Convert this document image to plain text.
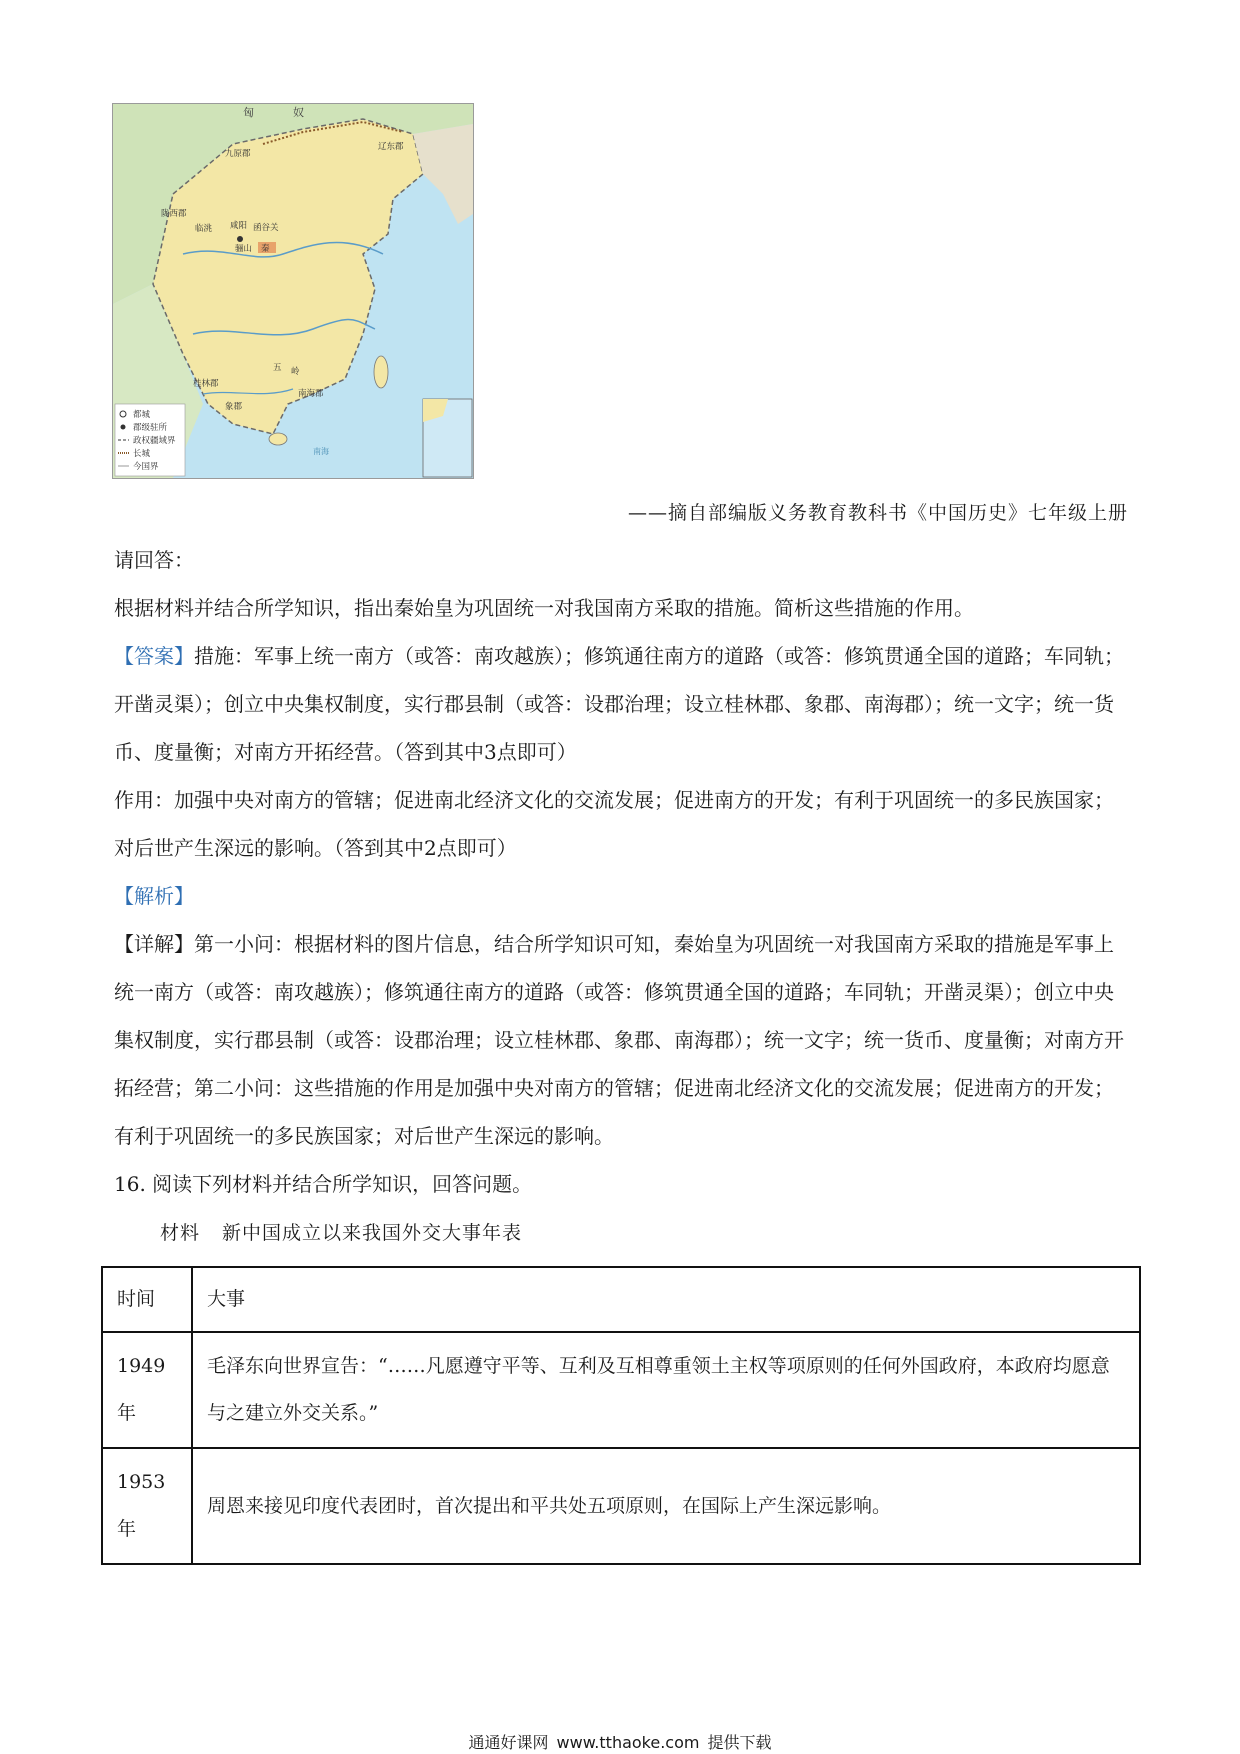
匈	奴
九原郡
辽东郡
陇西郡
临洮 咸阳 函谷关
骊山 秦
五 岭
桂林郡
南海郡
象郡
南海
都城
郡级驻所
政权疆域界
长城
今国界
——摘自部编版义务教育教科书《中国历史》七年级上册

请回答：

根据材料并结合所学知识，指出秦始皇为巩固统一对我国南方采取的措施。简析这些措施的作用。

【答案】措施：军事上统一南方（或答：南攻越族）；修筑通往南方的道路（或答：修筑贯通全国的道路；车同轨；开凿灵渠）；创立中央集权制度，实行郡县制（或答：设郡治理；设立桂林郡、象郡、南海郡）；统一文字；统一货币、度量衡；对南方开拓经营。（答到其中3点即可）

作用：加强中央对南方的管辖；促进南北经济文化的交流发展；促进南方的开发；有利于巩固统一的多民族国家；对后世产生深远的影响。（答到其中2点即可）

【解析】

【详解】第一小问：根据材料的图片信息，结合所学知识可知，秦始皇为巩固统一对我国南方采取的措施是军事上统一南方（或答：南攻越族）；修筑通往南方的道路（或答：修筑贯通全国的道路；车同轨；开凿灵渠）；创立中央集权制度，实行郡县制（或答：设郡治理；设立桂林郡、象郡、南海郡）；统一文字；统一货币、度量衡；对南方开拓经营；第二小问：这些措施的作用是加强中央对南方的管辖；促进南北经济文化的交流发展；促进南方的开发；有利于巩固统一的多民族国家；对后世产生深远的影响。

16. 阅读下列材料并结合所学知识，回答问题。

材料 新中国成立以来我国外交大事年表
时间	大事

1949
年	毛泽东向世界宣告：“……凡愿遵守平等、互利及互相尊重领土主权等项原则的任何外国政府，本政府均愿意与之建立外交关系。”

1953
年	周恩来接见印度代表团时，首次提出和平共处五项原则，在国际上产生深远影响。
通通好课网 www.tthaoke.com 提供下载
